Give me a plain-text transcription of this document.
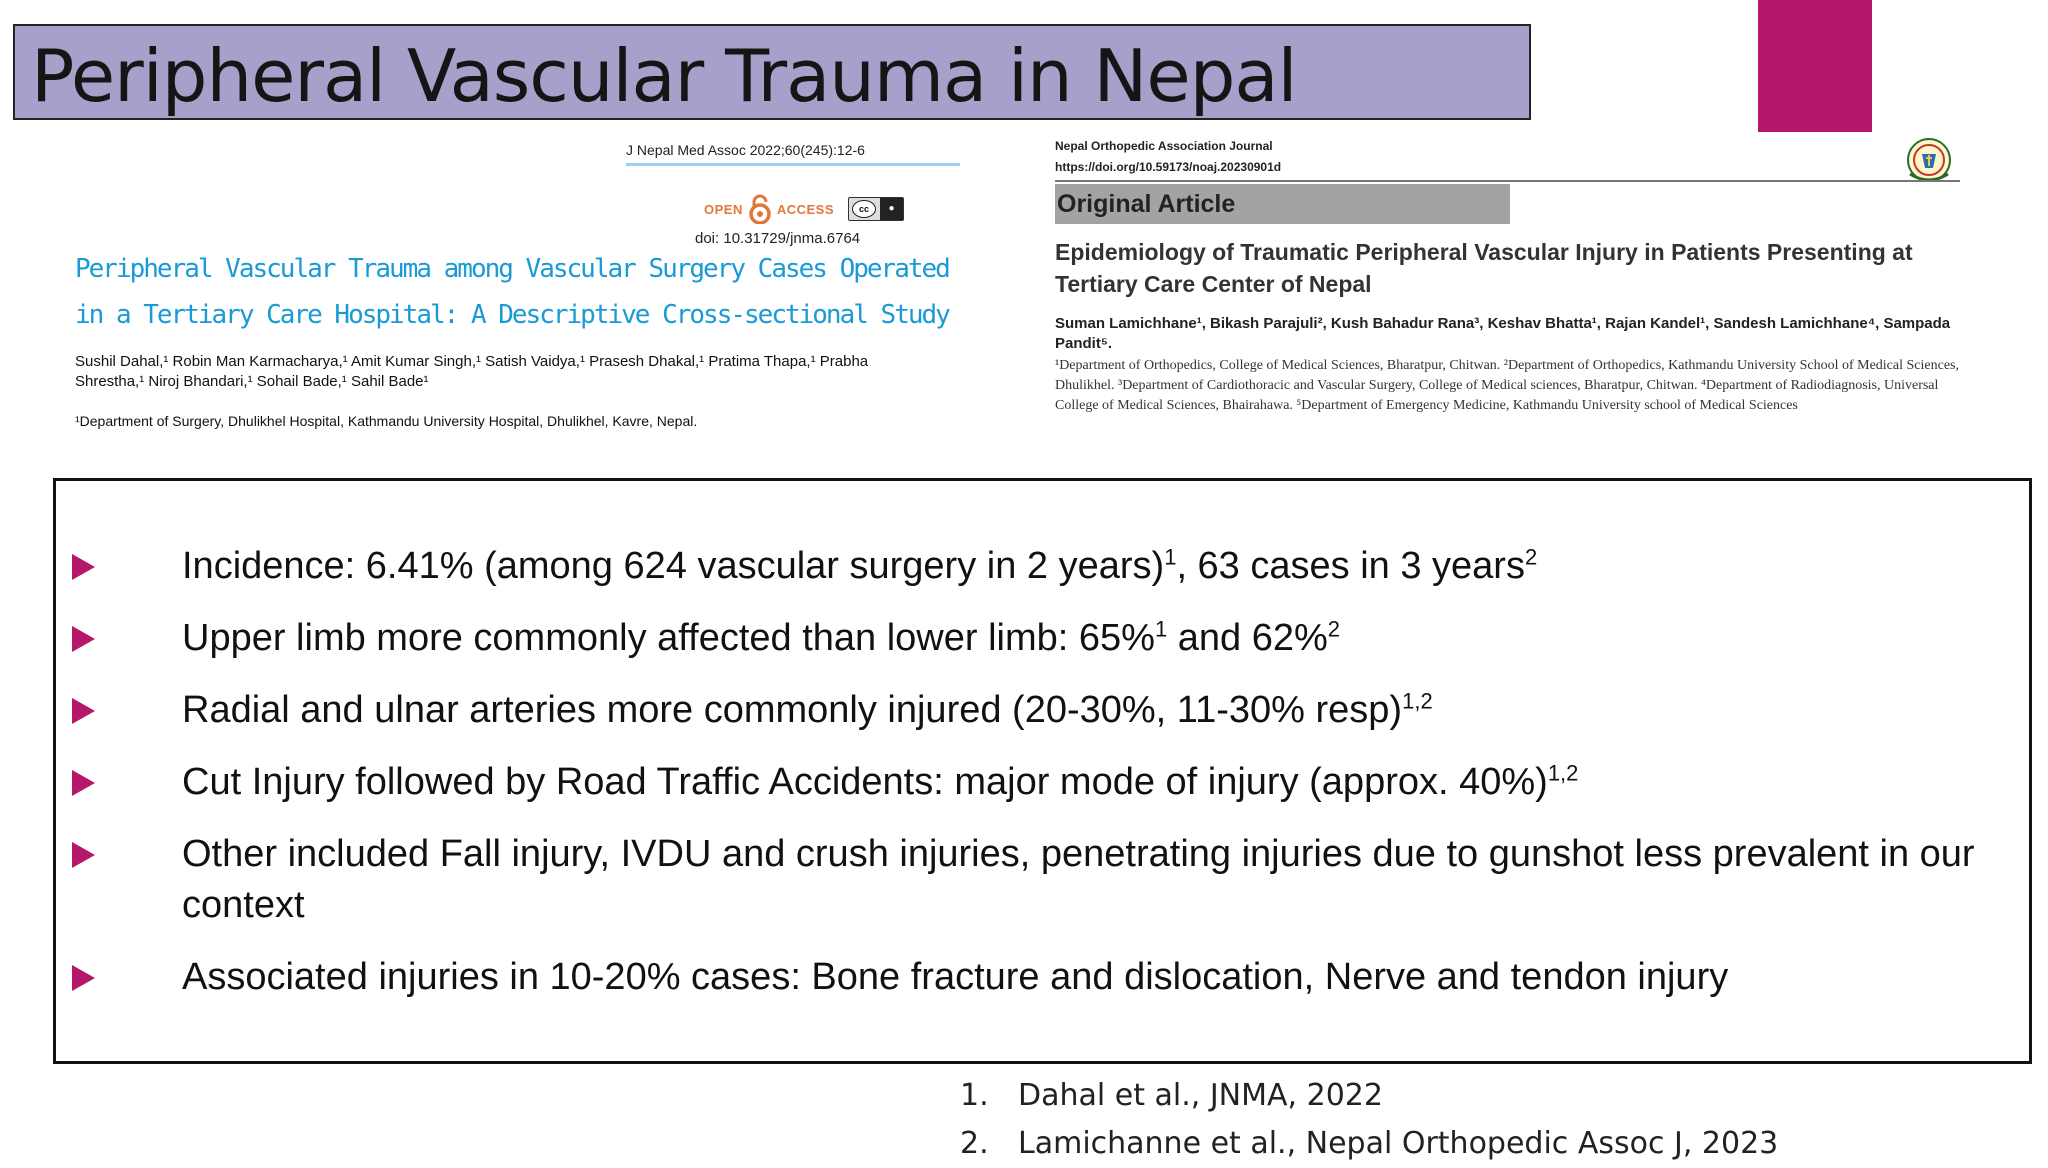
Peripheral Vascular Trauma in Nepal
J Nepal Med Assoc 2022;60(245):12-6
OPEN	ACCESS	cc	●
doi: 10.31729/jnma.6764
Peripheral Vascular Trauma among Vascular Surgery Cases Operated in a Tertiary Care Hospital: A Descriptive Cross-sectional Study
Sushil Dahal,¹ Robin Man Karmacharya,¹ Amit Kumar Singh,¹ Satish Vaidya,¹ Prasesh Dhakal,¹ Pratima Thapa,¹ Prabha Shrestha,¹ Niroj Bhandari,¹ Sohail Bade,¹ Sahil Bade¹
¹Department of Surgery, Dhulikhel Hospital, Kathmandu University Hospital, Dhulikhel, Kavre, Nepal.
Nepal Orthopedic Association Journal
https://doi.org/10.59173/noaj.20230901d
Original Article
Epidemiology of Traumatic Peripheral Vascular Injury in Patients Presenting at Tertiary Care Center of Nepal
Suman Lamichhane¹, Bikash Parajuli², Kush Bahadur Rana³, Keshav Bhatta¹, Rajan Kandel¹, Sandesh Lamichhane⁴, Sampada Pandit⁵.
¹Department of Orthopedics, College of Medical Sciences, Bharatpur, Chitwan. ²Department of Orthopedics, Kathmandu University School of Medical Sciences, Dhulikhel. ³Department of Cardiothoracic and Vascular Surgery, College of Medical sciences, Bharatpur, Chitwan. ⁴Department of Radiodiagnosis, Universal College of Medical Sciences, Bhairahawa. ⁵Department of Emergency Medicine, Kathmandu University school of Medical Sciences
Incidence: 6.41% (among 624 vascular surgery in 2 years)$^1$, 63 cases in 3 years$^2$
Upper limb more commonly affected than lower limb: 65%$^1$ and 62%$^2$
Radial and ulnar arteries more commonly injured (20-30%, 11-30% resp)$^{1,2}$
Cut Injury followed by Road Traffic Accidents: major mode of injury (approx. 40%)$^{1,2}$
Other included Fall injury, IVDU and crush injuries, penetrating injuries due to gunshot less prevalent in our context
Associated injuries in 10-20% cases: Bone fracture and dislocation, Nerve and tendon injury
1. Dahal et al., JNMA, 2022
2. Lamichanne et al., Nepal Orthopedic Assoc J, 2023
